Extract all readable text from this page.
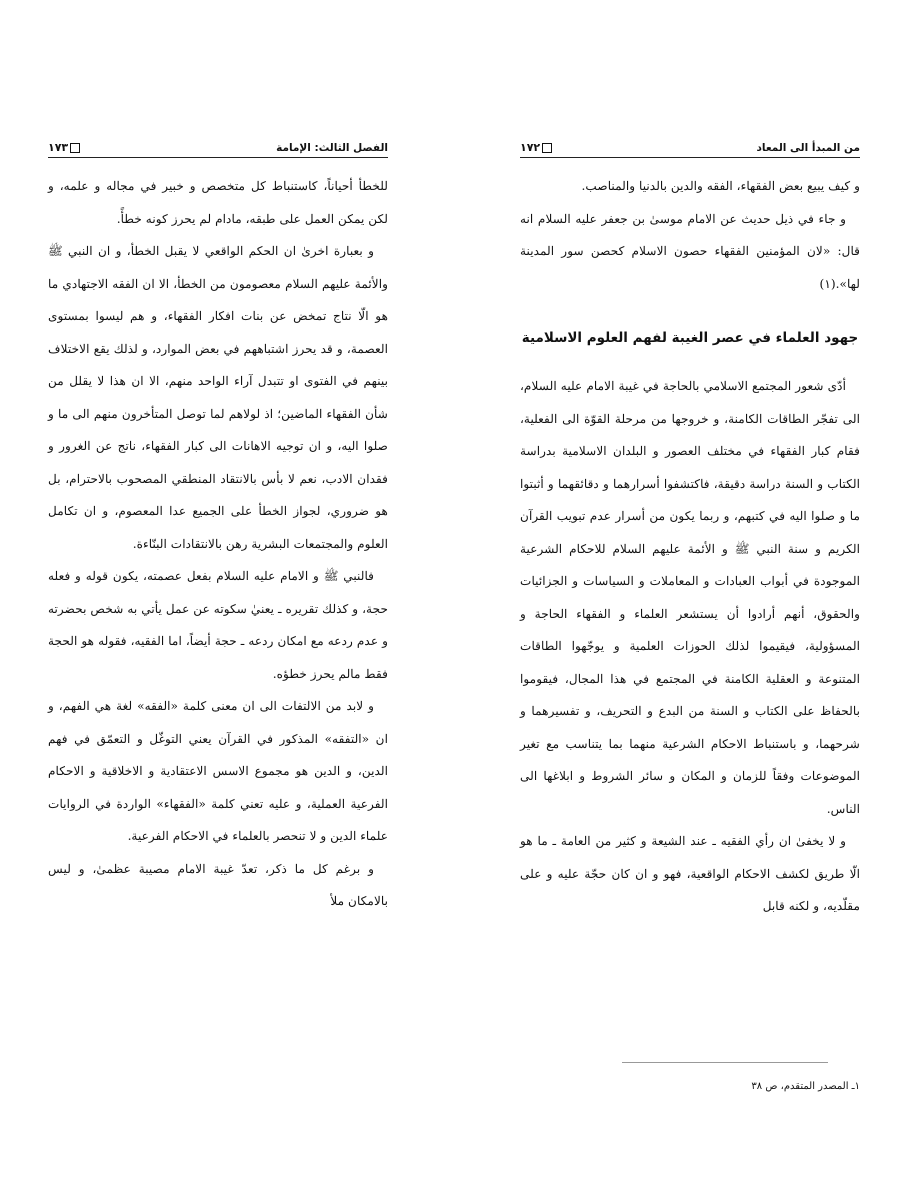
الفصل الثالث: الإمامة
١٧٣

للخطأ أحياناً، كاستنباط كل متخصص و خبير في مجاله و علمه، و لكن يمكن العمل على طبقه، مادام لم يحرز كونه خطأً.

و بعبارة اخرىٰ ان الحكم الواقعي لا يقبل الخطأ، و ان النبي ﷺ والأئمة عليهم السلام معصومون من الخطأ، الا ان الفقه الاجتهادي ما هو الّا نتاج تمخض عن بنات افكار الفقهاء، و هم ليسوا بمستوى العصمة، و قد يحرز اشتباههم في بعض الموارد، و لذلك يقع الاختلاف بينهم في الفتوى او تتبدل آراء الواحد منهم، الا ان هذا لا يقلل من شأن الفقهاء الماضين؛ اذ لولاهم لما توصل المتأخرون منهم الى ما و صلوا اليه، و ان توجيه الاهانات الى كبار الفقهاء، ناتج عن الغرور و فقدان الادب، نعم لا بأس بالانتقاد المنطقي المصحوب بالاحترام، بل هو ضروري، لجواز الخطأ على الجميع عدا المعصوم، و ان تكامل العلوم والمجتمعات البشرية رهن بالانتقادات البنّاءة.

فالنبي ﷺ و الامام عليه السلام بفعل عصمته، يكون قوله و فعله حجة، و كذلك تقريره ـ يعنيٰ سكوته عن عمل يأتي به شخص بحضرته و عدم ردعه مع امكان ردعه ـ حجة أيضاً، اما الفقيه، فقوله هو الحجة فقط مالم يحرز خطؤه.

و لابد من الالتفات الى ان معنى كلمة «الفقه» لغة هي الفهم، و ان «التفقه» المذكور في القرآن يعني التوغّل و التعمّق في فهم الدين، و الدين هو مجموع الاسس الاعتقادية و الاخلاقية و الاحكام الفرعية العملية، و عليه تعني كلمة «الفقهاء» الواردة في الروايات علماء الدين و لا تنحصر بالعلماء في الاحكام الفرعية.

و برغم كل ما ذكر، تعدّ غيبة الامام مصيبة عظمىٰ، و ليس بالامكان ملأ

من المبدأ الى المعاد
١٧٢

و كيف يبيع بعض الفقهاء، الفقه والدين بالدنيا والمناصب.

و جاء في ذيل حديث عن الامام موسىٰ بن جعفر عليه السلام انه قال: «لان المؤمنين الفقهاء حصون الاسلام كحصن سور المدينة لها».(١)

جهود العلماء في عصر الغيبة لفهم العلوم الاسلامية

أدّى شعور المجتمع الاسلامي بالحاجة في غيبة الامام عليه السلام، الى تفجّر الطاقات الكامنة، و خروجها من مرحلة القوّة الى الفعلية، فقام كبار الفقهاء في مختلف العصور و البلدان الاسلامية بدراسة الكتاب و السنة دراسة دقيقة، فاكتشفوا أسرارهما و دقائقهما و أثبتوا ما و صلوا اليه في كتبهم، و ربما يكون من أسرار عدم تبويب القرآن الكريم و سنة النبي ﷺ و الأئمة عليهم السلام للاحكام الشرعية الموجودة في أبواب العبادات و المعاملات و السياسات و الجزائيات والحقوق، أنهم أرادوا أن يستشعر العلماء و الفقهاء الحاجة و المسؤولية، فيقيموا لذلك الحوزات العلمية و يوجّهوا الطاقات المتنوعة و العقلية الكامنة في المجتمع في هذا المجال، فيقوموا بالحفاظ على الكتاب و السنة من البدع و التحريف، و تفسيرهما و شرحهما، و باستنباط الاحكام الشرعية منهما بما يتناسب مع تغير الموضوعات وفقاً للزمان و المكان و سائر الشروط و ابلاغها الى الناس.

و لا يخفىٰ ان رأي الفقيه ـ عند الشيعة و كثير من العامة ـ ما هو الّا طريق لكشف الاحكام الواقعية، فهو و ان كان حجّة عليه و على مقلّديه، و لكنه قابل

١ـ المصدر المتقدم، ص ٣٨
